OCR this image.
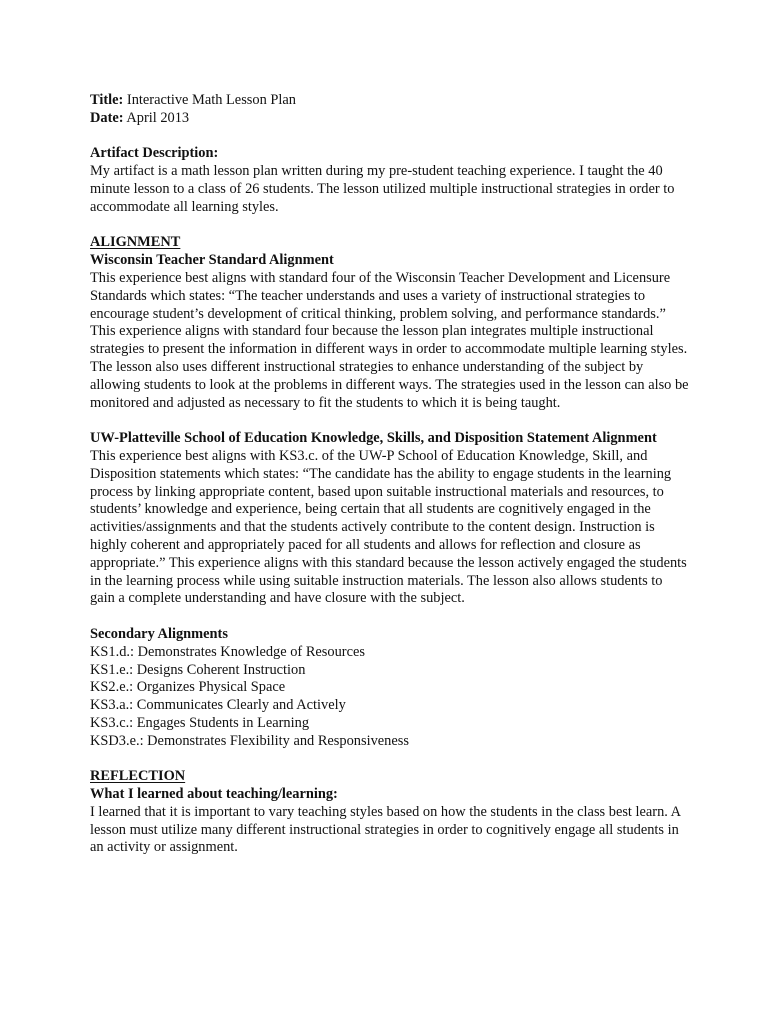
Title: Interactive Math Lesson Plan
Date: April 2013
Artifact Description:

My artifact is a math lesson plan written during my pre-student teaching experience. I taught the 40 minute lesson to a class of 26 students. The lesson utilized multiple instructional strategies in order to accommodate all learning styles.

ALIGNMENT
Wisconsin Teacher Standard Alignment

This experience best aligns with standard four of the Wisconsin Teacher Development and Licensure Standards which states: “The teacher understands and uses a variety of instructional strategies to encourage student’s development of critical thinking, problem solving, and performance standards.” This experience aligns with standard four because the lesson plan integrates multiple instructional strategies to present the information in different ways in order to accommodate multiple learning styles. The lesson also uses different instructional strategies to enhance understanding of the subject by allowing students to look at the problems in different ways. The strategies used in the lesson can also be monitored and adjusted as necessary to fit the students to which it is being taught.

UW-Platteville School of Education Knowledge, Skills, and Disposition Statement Alignment

This experience best aligns with KS3.c. of the UW-P School of Education Knowledge, Skill, and Disposition statements which states: “The candidate has the ability to engage students in the learning process by linking appropriate content, based upon suitable instructional materials and resources, to students’ knowledge and experience, being certain that all students are cognitively engaged in the activities/assignments and that the students actively contribute to the content design. Instruction is highly coherent and appropriately paced for all students and allows for reflection and closure as appropriate.” This experience aligns with this standard because the lesson actively engaged the students in the learning process while using suitable instruction materials. The lesson also allows students to gain a complete understanding and have closure with the subject.

Secondary Alignments
KS1.d.: Demonstrates Knowledge of Resources
KS1.e.: Designs Coherent Instruction
KS2.e.: Organizes Physical Space
KS3.a.: Communicates Clearly and Actively
KS3.c.: Engages Students in Learning
KSD3.e.: Demonstrates Flexibility and Responsiveness
REFLECTION
What I learned about teaching/learning:

I learned that it is important to vary teaching styles based on how the students in the class best learn. A lesson must utilize many different instructional strategies in order to cognitively engage all students in an activity or assignment.
